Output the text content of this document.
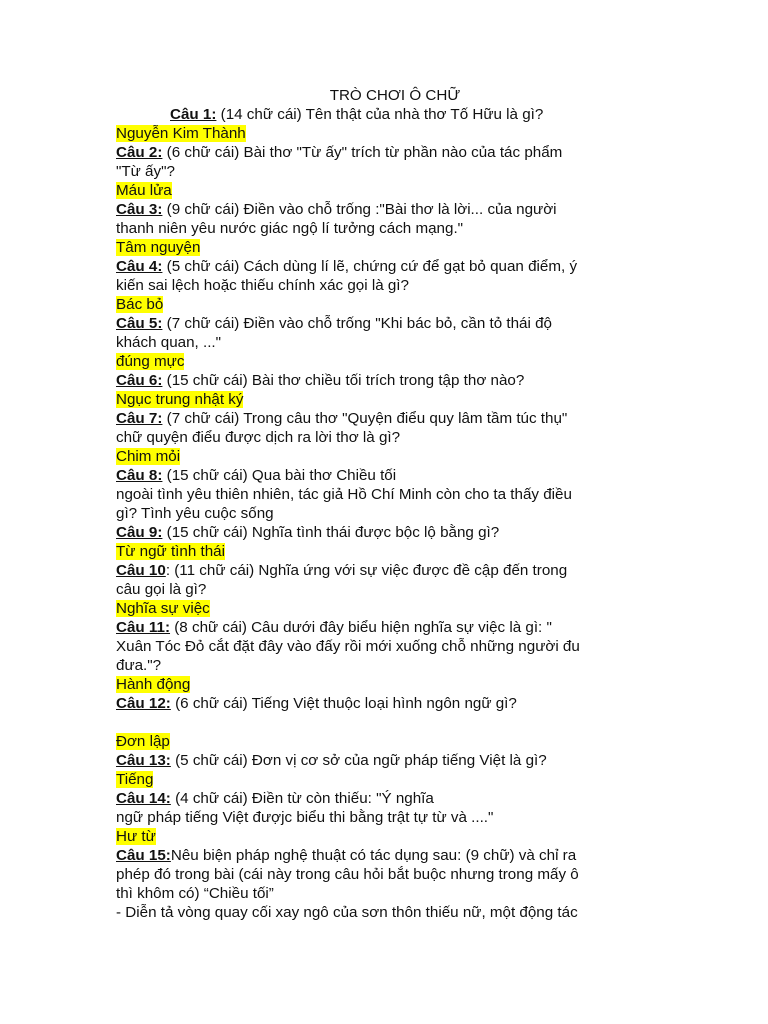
TRÒ CHƠI Ô CHỮ
Câu 1: (14 chữ cái) Tên thật của nhà thơ Tố Hữu là gì?
Nguyễn Kim Thành
Câu 2: (6 chữ cái) Bài thơ "Từ ấy" trích từ phần nào của tác phẩm
"Từ ấy"?
Máu lửa
Câu 3: (9 chữ cái) Điền vào chỗ trống :"Bài thơ là lời... của người
thanh niên yêu nước giác ngộ lí tưởng cách mạng."
Tâm nguyện
Câu 4: (5 chữ cái) Cách dùng lí lẽ, chứng cứ để gạt bỏ quan điểm, ý
kiến sai lệch hoặc thiếu chính xác gọi là gì?
Bác bỏ
Câu 5: (7 chữ cái) Điền vào chỗ trống "Khi bác bỏ, cần tỏ thái độ
khách quan, ..."
đúng mực
Câu 6: (15 chữ cái) Bài thơ chiều tối trích trong tập thơ nào?
Ngục trung nhật ký
Câu 7: (7 chữ cái) Trong câu thơ "Quyện điểu quy lâm tầm túc thụ"
chữ quyện điểu được dịch ra lời thơ là gì?
Chim mỏi
Câu 8: (15 chữ cái) Qua bài thơ Chiều tối
ngoài tình yêu thiên nhiên, tác giả Hồ Chí Minh còn cho ta thấy điều
gì? Tình yêu cuộc sống
Câu 9: (15 chữ cái) Nghĩa tình thái được bộc lộ bằng gì?
Từ ngữ tình thái
Câu 10: (11 chữ cái) Nghĩa ứng với sự việc được đề cập đến trong
câu gọi là gì?
Nghĩa sự việc
Câu 11: (8 chữ cái) Câu dưới đây biểu hiện nghĩa sự việc là gì: "
Xuân Tóc Đỏ cắt đặt đây vào đấy rồi mới xuống chỗ những người đu
đưa."?
Hành động
Câu 12: (6 chữ cái) Tiếng Việt thuộc loại hình ngôn ngữ gì?
Đơn lập
Câu 13: (5 chữ cái) Đơn vị cơ sở của ngữ pháp tiếng Việt là gì?
Tiếng
Câu 14: (4 chữ cái) Điền từ còn thiếu: "Ý nghĩa
ngữ pháp tiếng Việt đượjc biểu thi bằng trật tự từ và ...."
Hư từ
Câu 15:Nêu biện pháp nghệ thuật có tác dụng sau: (9 chữ) và chỉ ra
phép đó trong bài (cái này trong câu hỏi bắt buộc nhưng trong mấy ô
thì khôm có) “Chiều tối”
- Diễn tả vòng quay cối xay ngô của sơn thôn thiếu nữ, một động tác
